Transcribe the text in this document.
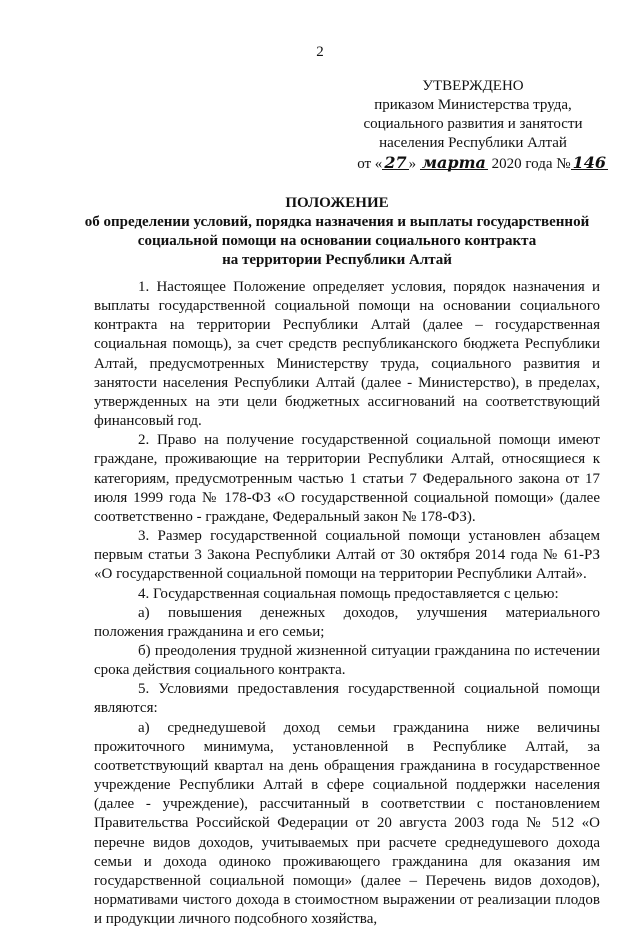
2
УТВЕРЖДЕНО
приказом Министерства труда,
социального развития и занятости
населения Республики Алтай
от « 27 » марта 2020 года № 146
ПОЛОЖЕНИЕ
об определении условий, порядка назначения и выплаты государственной
социальной помощи на основании социального контракта
на территории Республики Алтай

1. Настоящее Положение определяет условия, порядок назначения и выплаты государственной социальной помощи на основании социального контракта на территории Республики Алтай (далее – государственная социальная помощь), за счет средств республиканского бюджета Республики Алтай, предусмотренных Министерству труда, социального развития и занятости населения Республики Алтай (далее - Министерство), в пределах, утвержденных на эти цели бюджетных ассигнований на соответствующий финансовый год.

2. Право на получение государственной социальной помощи имеют граждане, проживающие на территории Республики Алтай, относящиеся к категориям, предусмотренным частью 1 статьи 7 Федерального закона от 17 июля 1999 года № 178-ФЗ «О государственной социальной помощи» (далее соответственно - граждане, Федеральный закон № 178-ФЗ).

3. Размер государственной социальной помощи установлен абзацем первым статьи 3 Закона Республики Алтай от 30 октября 2014 года № 61-РЗ «О государственной социальной помощи на территории Республики Алтай».

4. Государственная социальная помощь предоставляется с целью:

а) повышения денежных доходов, улучшения материального положения гражданина и его семьи;

б) преодоления трудной жизненной ситуации гражданина по истечении срока действия социального контракта.

5. Условиями предоставления государственной социальной помощи являются:

а) среднедушевой доход семьи гражданина ниже величины прожиточного минимума, установленной в Республике Алтай, за соответствующий квартал на день обращения гражданина в государственное учреждение Республики Алтай в сфере социальной поддержки населения (далее - учреждение), рассчитанный в соответствии с постановлением Правительства Российской Федерации от 20 августа 2003 года № 512 «О перечне видов доходов, учитываемых при расчете среднедушевого дохода семьи и дохода одиноко проживающего гражданина для оказания им государственной социальной помощи» (далее – Перечень видов доходов), нормативами чистого дохода в стоимостном выражении от реализации плодов и продукции личного подсобного хозяйства,
